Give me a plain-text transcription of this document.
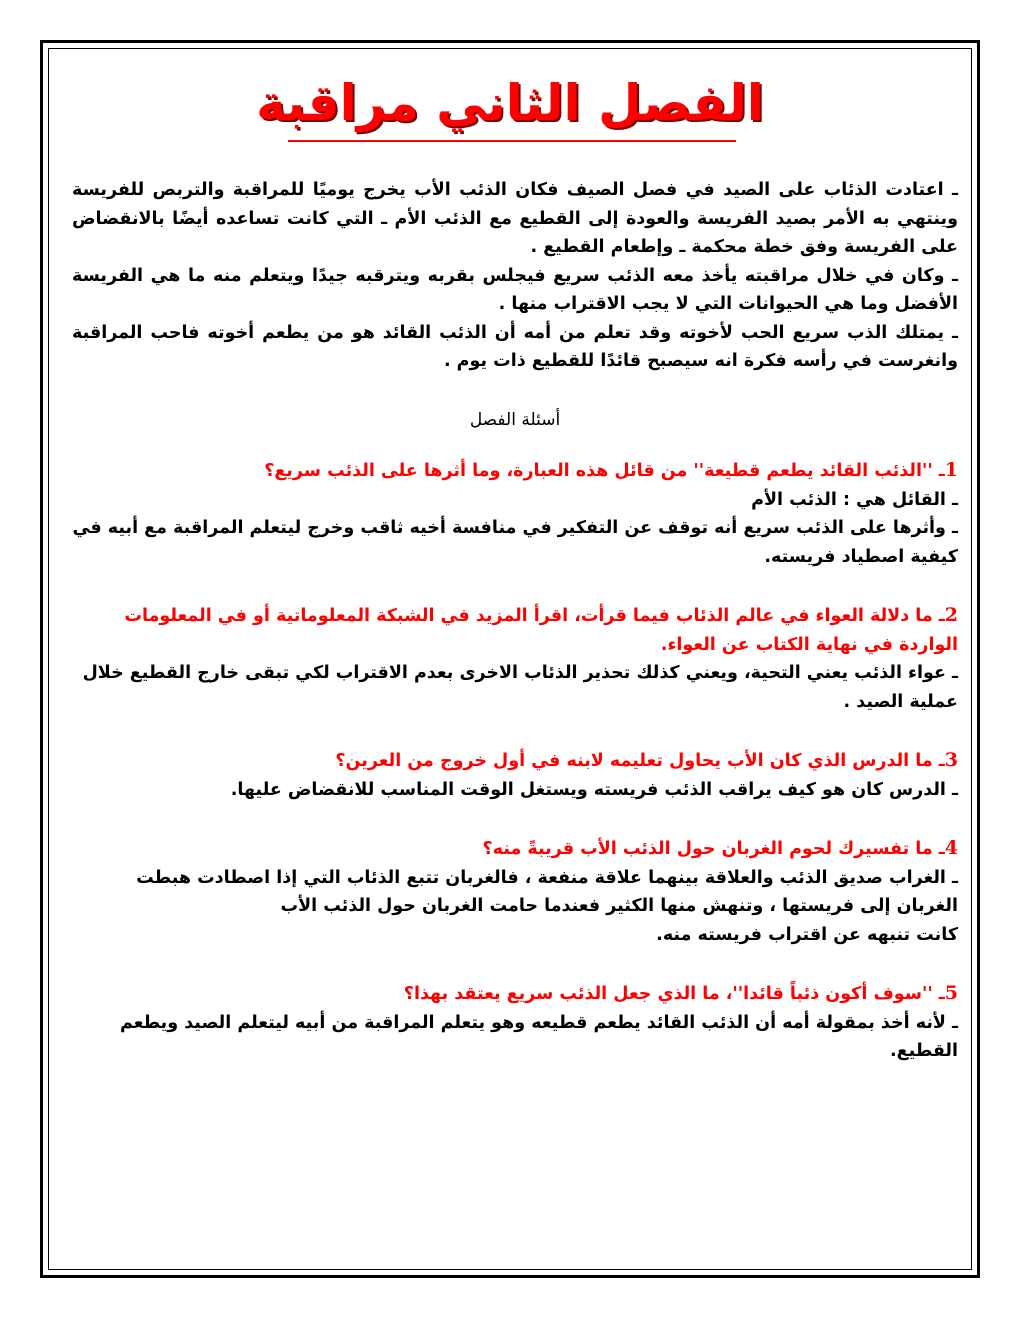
الفصل الثاني مراقبة

ـ اعتادت الذئاب على الصيد في فصل الصيف فكان الذئب الأب يخرج يوميًا للمراقبة والتربص للفريسة وينتهي به الأمر بصيد الفريسة والعودة إلى القطيع مع الذئب الأم ـ التي كانت تساعده أيضًا بالانقضاض على الفريسة وفق خطة محكمة ـ وإطعام القطيع .

ـ وكان في خلال مراقبته يأخذ معه الذئب سريع فيجلس بقربه ويترقبه جيدًا ويتعلم منه ما هي الفريسة الأفضل وما هي الحيوانات التي لا يجب الاقتراب منها .

ـ يمتلك الذب سريع الحب لأخوته وقد تعلم من أمه أن الذئب القائد هو من يطعم أخوته فاحب المراقبة وانغرست في رأسه فكرة انه سيصبح قائدًا للقطيع ذات يوم .

أسئلة الفصل

1ـ ''الذئب القائد يطعم قطيعة'' من قائل هذه العبارة، وما أثرها على الذئب سريع؟

ـ القائل هي : الذئب الأم
ـ وأثرها على الذئب سريع أنه توقف عن التفكير في منافسة أخيه ثاقب وخرج ليتعلم المراقبة مع أبيه في كيفية اصطياد فريسته.

2ـ ما دلالة العواء في عالم الذئاب فيما قرأت، اقرأ المزيد في الشبكة المعلوماتية أو في المعلومات الواردة في نهاية الكتاب عن العواء.

ـ عواء الذئب يعني التحية، ويعني كذلك تحذير الذئاب الاخرى بعدم الاقتراب لكي تبقى خارج القطيع خلال عملية الصيد .

3ـ ما الدرس الذي كان الأب يحاول تعليمه لابنه في أول خروج من العرين؟

ـ الدرس كان هو كيف يراقب الذئب فريسته ويستغل الوقت المناسب للانقضاض عليها.

4ـ ما تفسيرك لحوم الغربان حول الذئب الأب قريبةً منه؟

ـ الغراب صديق الذئب والعلاقة بينهما علاقة منفعة ، فالغربان تتبع الذئاب التي إذا اصطادت هبطت الغربان إلى فريستها ، وتنهش منها الكثير فعندما حامت الغربان حول الذئب الأب
كانت تنبهه عن اقتراب فريسته منه.

5ـ ''سوف أكون ذئباً قائدا''، ما الذي جعل الذئب سريع يعتقد بهذا؟

ـ لأنه أخذ بمقولة أمه أن الذئب القائد يطعم قطيعه وهو يتعلم المراقبة من أبيه ليتعلم الصيد ويطعم القطيع.
